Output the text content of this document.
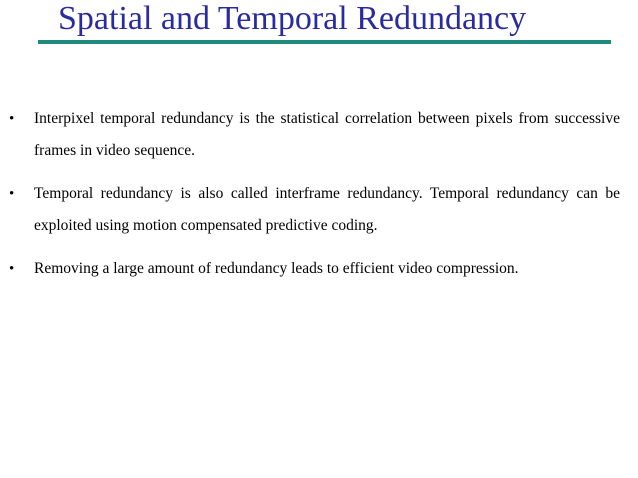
Spatial and Temporal Redundancy
• Interpixel temporal redundancy is the statistical correlation between pixels from successive frames in video sequence.
• Temporal redundancy is also called interframe redundancy. Temporal redundancy can be exploited using motion compensated predictive coding.
• Removing a large amount of redundancy leads to efficient video compression.
